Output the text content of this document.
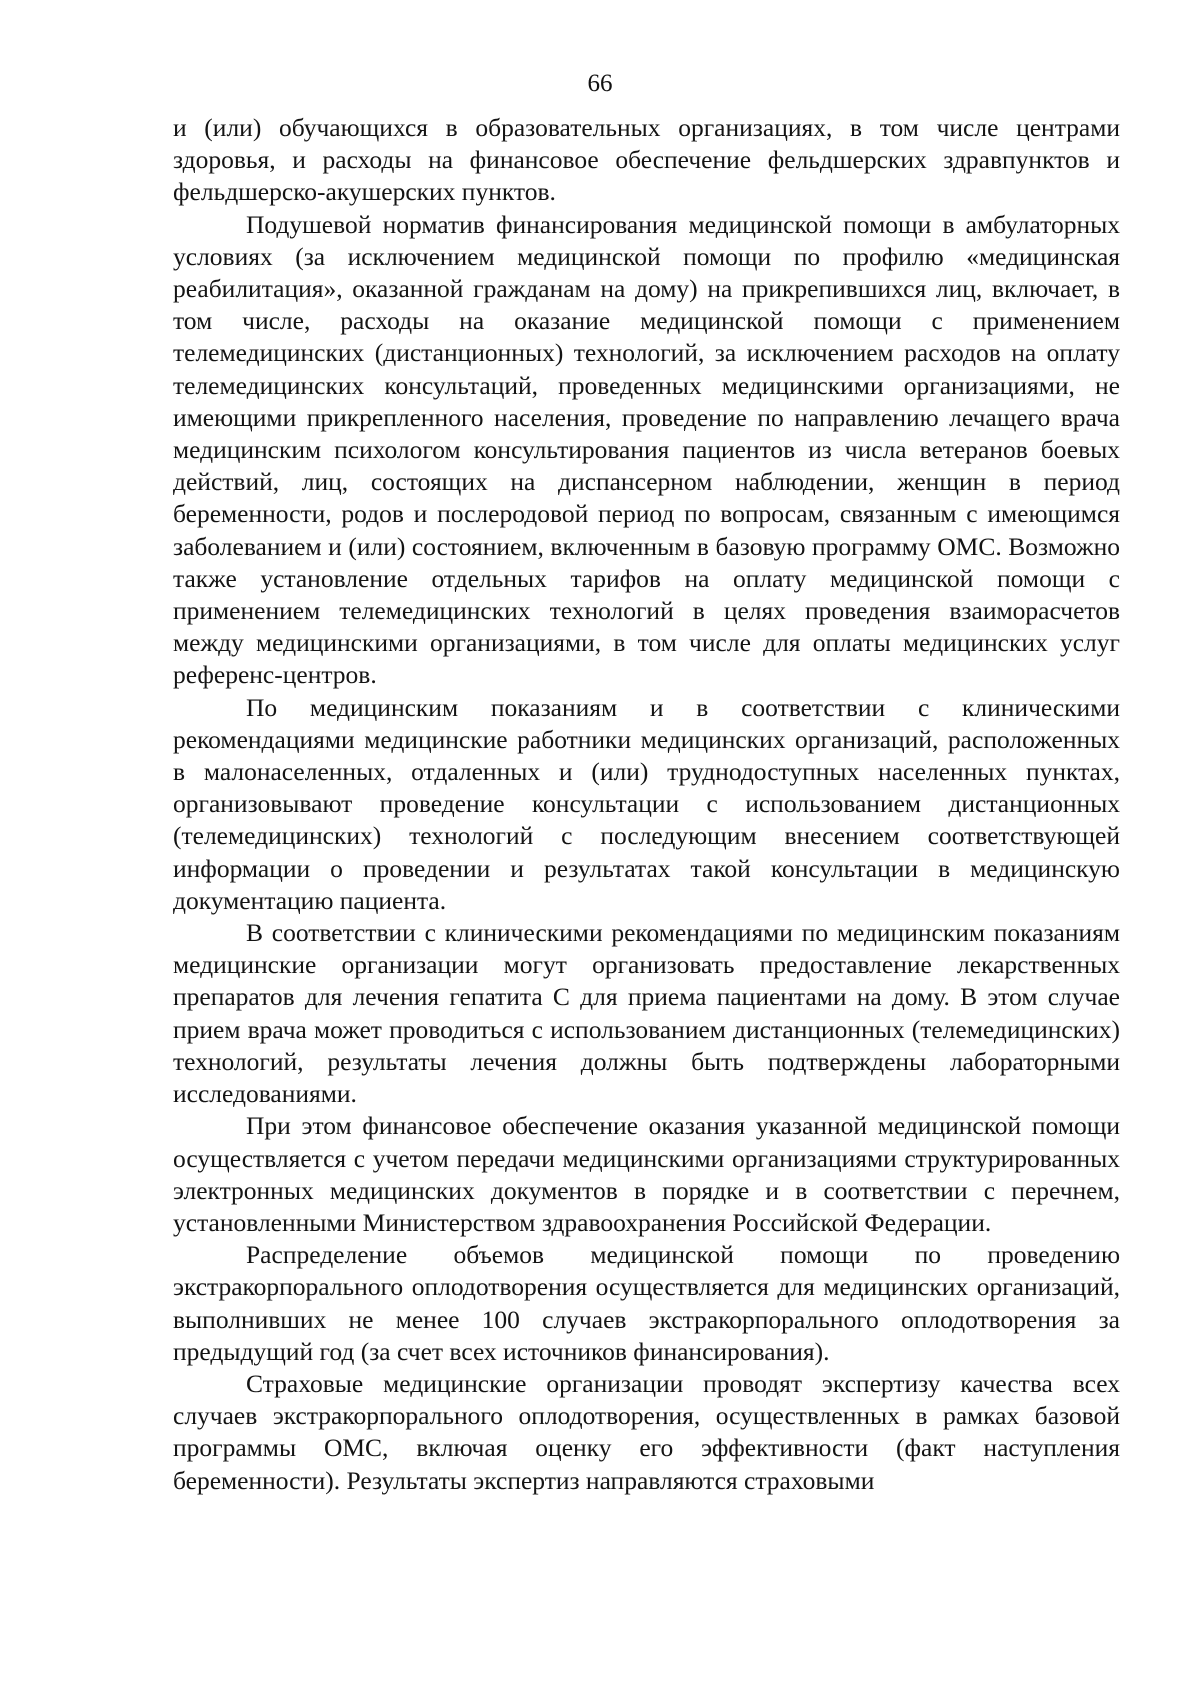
66

и (или) обучающихся в образовательных организациях, в том числе центрами здоровья, и расходы на финансовое обеспечение фельдшерских здравпунктов и фельдшерско-акушерских пунктов.

Подушевой норматив финансирования медицинской помощи в амбулаторных условиях (за исключением медицинской помощи по профилю «медицинская реабилитация», оказанной гражданам на дому) на прикрепившихся лиц, включает, в том числе, расходы на оказание медицинской помощи с применением телемедицинских (дистанционных) технологий, за исключением расходов на оплату телемедицинских консультаций, проведенных медицинскими организациями, не имеющими прикрепленного населения, проведение по направлению лечащего врача медицинским психологом консультирования пациентов из числа ветеранов боевых действий, лиц, состоящих на диспансерном наблюдении, женщин в период беременности, родов и послеродовой период по вопросам, связанным с имеющимся заболеванием и (или) состоянием, включенным в базовую программу ОМС. Возможно также установление отдельных тарифов на оплату медицинской помощи с применением телемедицинских технологий в целях проведения взаиморасчетов между медицинскими организациями, в том числе для оплаты медицинских услуг референс-центров.

По медицинским показаниям и в соответствии с клиническими рекомендациями медицинские работники медицинских организаций, расположенных в малонаселенных, отдаленных и (или) труднодоступных населенных пунктах, организовывают проведение консультации с использованием дистанционных (телемедицинских) технологий с последующим внесением соответствующей информации о проведении и результатах такой консультации в медицинскую документацию пациента.

В соответствии с клиническими рекомендациями по медицинским показаниям медицинские организации могут организовать предоставление лекарственных препаратов для лечения гепатита С для приема пациентами на дому. В этом случае прием врача может проводиться с использованием дистанционных (телемедицинских) технологий, результаты лечения должны быть подтверждены лабораторными исследованиями.

При этом финансовое обеспечение оказания указанной медицинской помощи осуществляется с учетом передачи медицинскими организациями структурированных электронных медицинских документов в порядке и в соответствии с перечнем, установленными Министерством здравоохранения Российской Федерации.

Распределение объемов медицинской помощи по проведению экстракорпорального оплодотворения осуществляется для медицинских организаций, выполнивших не менее 100 случаев экстракорпорального оплодотворения за предыдущий год (за счет всех источников финансирования).

Страховые медицинские организации проводят экспертизу качества всех случаев экстракорпорального оплодотворения, осуществленных в рамках базовой программы ОМС, включая оценку его эффективности (факт наступления беременности). Результаты экспертиз направляются страховыми
